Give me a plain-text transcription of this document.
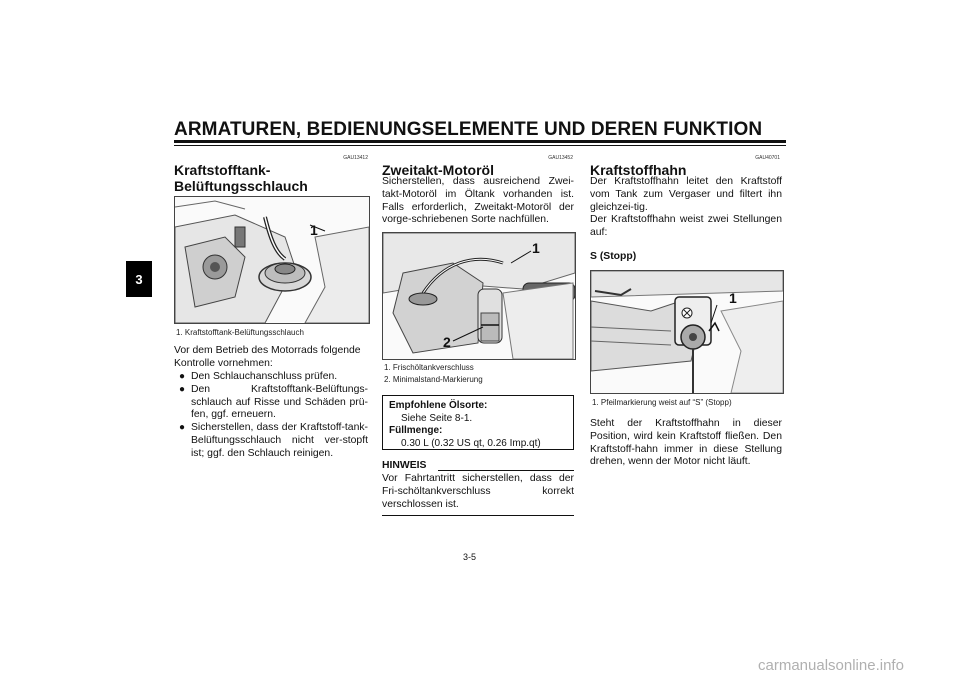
ARMATUREN, BEDIENUNGSELEMENTE UND DEREN FUNKTION
3
GAU13412
Kraftstofftank-
Belüftungsschlauch
1
1. Kraftstofftank-Belüftungsschlauch
Vor dem Betrieb des Motorrads folgende
Kontrolle vornehmen:
● Den Schlauchanschluss prüfen.
● Den Kraftstofftank-Belüftungs-schlauch auf Risse und Schäden prü-fen, ggf. erneuern.
● Sicherstellen, dass der Kraftstoff-tank-Belüftungsschlauch nicht ver-stopft ist; ggf. den Schlauch reinigen.
GAU13452
Zweitakt-Motoröl
Sicherstellen, dass ausreichend Zwei-takt-Motoröl im Öltank vorhanden ist. Falls erforderlich, Zweitakt-Motoröl der vorge-schriebenen Sorte nachfüllen.
1
2
1. Frischöltankverschluss
2. Minimalstand-Markierung
Empfohlene Ölsorte:
Siehe Seite 8-1.
Füllmenge:
0.30 L (0.32 US qt, 0.26 Imp.qt)
HINWEIS
Vor Fahrtantritt sicherstellen, dass der Fri-schöltankverschluss korrekt verschlossen ist.
GAU40701
Kraftstoffhahn
Der Kraftstoffhahn leitet den Kraftstoff vom Tank zum Vergaser und filtert ihn gleichzei-tig.
Der Kraftstoffhahn weist zwei Stellungen auf:
S (Stopp)
1
1. Pfeilmarkierung weist auf “S” (Stopp)
Steht der Kraftstoffhahn in dieser Position, wird kein Kraftstoff fließen. Den Kraftstoff-hahn immer in diese Stellung drehen, wenn der Motor nicht läuft.
3-5
carmanualsonline.info
